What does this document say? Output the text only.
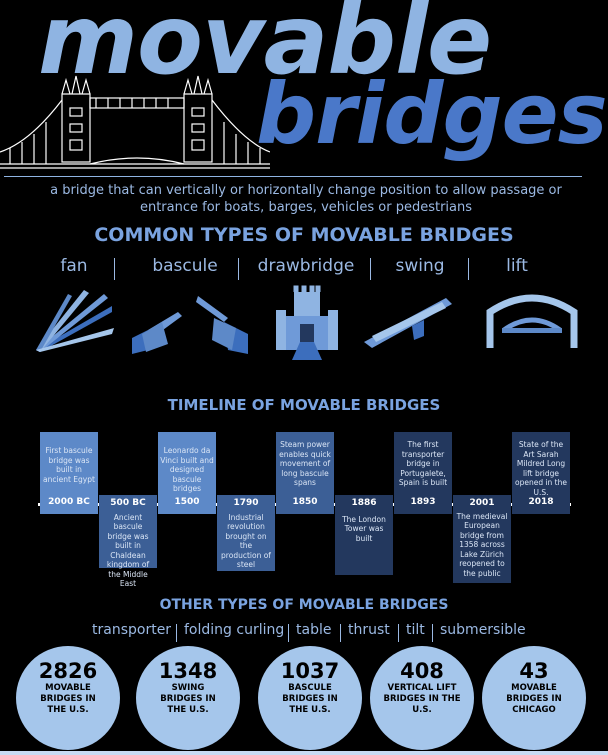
movable
bridges
a bridge that can vertically or horizontally change position to allow passage or entrance for boats, barges, vehicles or pedestrians
COMMON TYPES OF MOVABLE BRIDGES
fan	bascule	drawbridge	swing	lift
TIMELINE OF MOVABLE BRIDGES
First bascule bridge was built in ancient Egypt
2000 BC	500 BC
Ancient bascule bridge was built in Chaldean kingdom of the Middle East
Leonardo da Vinci built and designed bascule bridges
1500	1790
Industrial revolution brought on the production of steel
Steam power enables quick movement of long bascule spans
1850	1886
The London Tower was built
The first transporter bridge in Portugalete, Spain is built
1893	2001
The medieval European bridge from 1358 across Lake Zürich reopened to the public
State of the Art Sarah Mildred Long lift bridge opened in the U.S.
2018
OTHER TYPES OF MOVABLE BRIDGES
transporter folding curling table thrust tilt submersible
2826
MOVABLE BRIDGES IN THE U.S.
1348
SWING BRIDGES IN THE U.S.
1037
BASCULE BRIDGES IN THE U.S.
408
VERTICAL LIFT BRIDGES IN THE U.S.
43
MOVABLE BRIDGES IN CHICAGO
